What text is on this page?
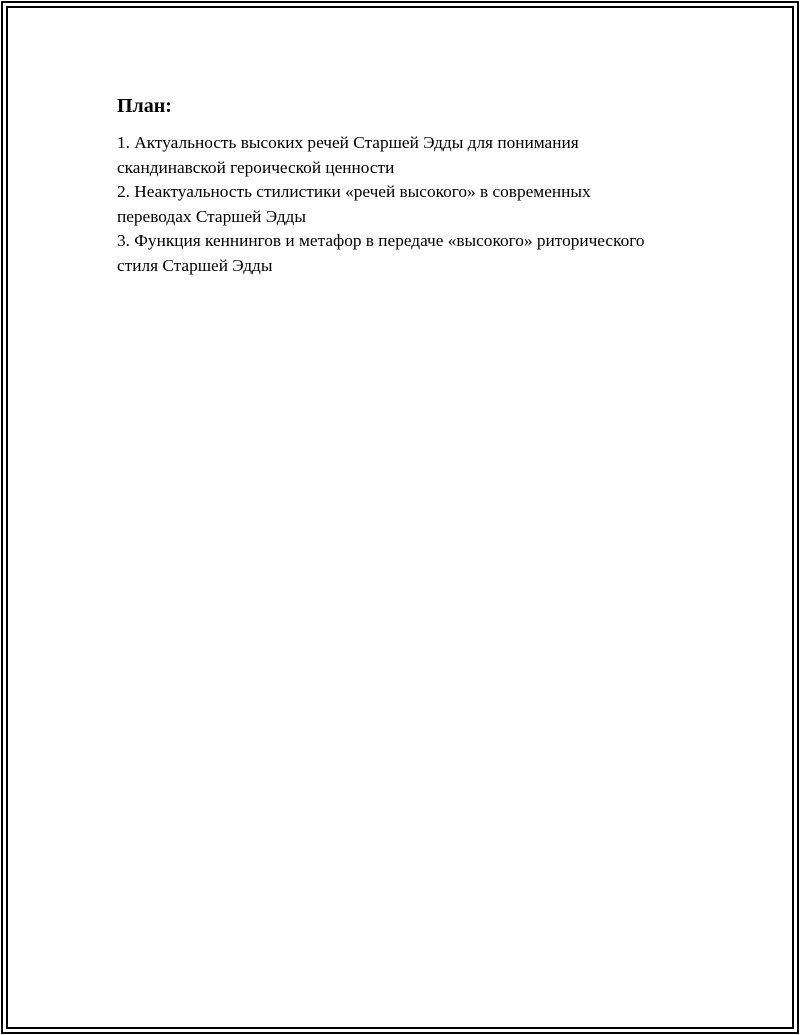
План:
1. Актуальность высоких речей Старшей Эдды для понимания
скандинавской героической ценности
2. Неактуальность стилистики «речей высокого» в современных
переводах Старшей Эдды
3. Функция кеннингов и метафор в передаче «высокого» риторического
стиля Старшей Эдды
